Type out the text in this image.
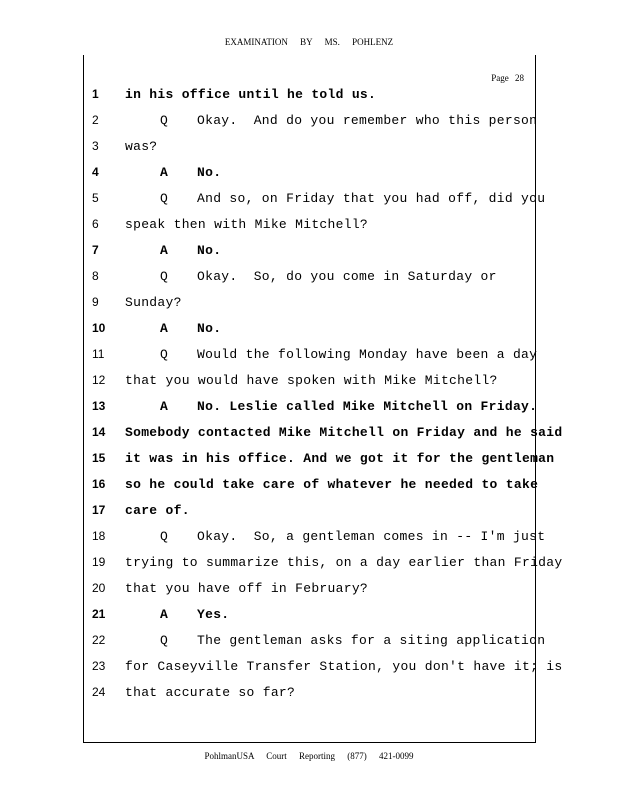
EXAMINATION BY MS. POHLENZ
Page 28
1 in his office until he told us.
2	Q Okay.  And do you remember who this person
3 was?
4	A No.
5	Q And so, on Friday that you had off, did you
6 speak then with Mike Mitchell?
7	A No.
8	Q Okay.  So, do you come in Saturday or
9 Sunday?
10	A No.
11	Q Would the following Monday have been a day
12 that you would have spoken with Mike Mitchell?
13	A No. Leslie called Mike Mitchell on Friday.
14 Somebody contacted Mike Mitchell on Friday and he said
15 it was in his office. And we got it for the gentleman
16 so he could take care of whatever he needed to take
17 care of.
18	Q Okay.  So, a gentleman comes in -- I'm just
19 trying to summarize this, on a day earlier than Friday
20 that you have off in February?
21	A Yes.
22	Q The gentleman asks for a siting application
23 for Caseyville Transfer Station, you don't have it; is
24 that accurate so far?
PohlmanUSA Court Reporting (877) 421-0099
